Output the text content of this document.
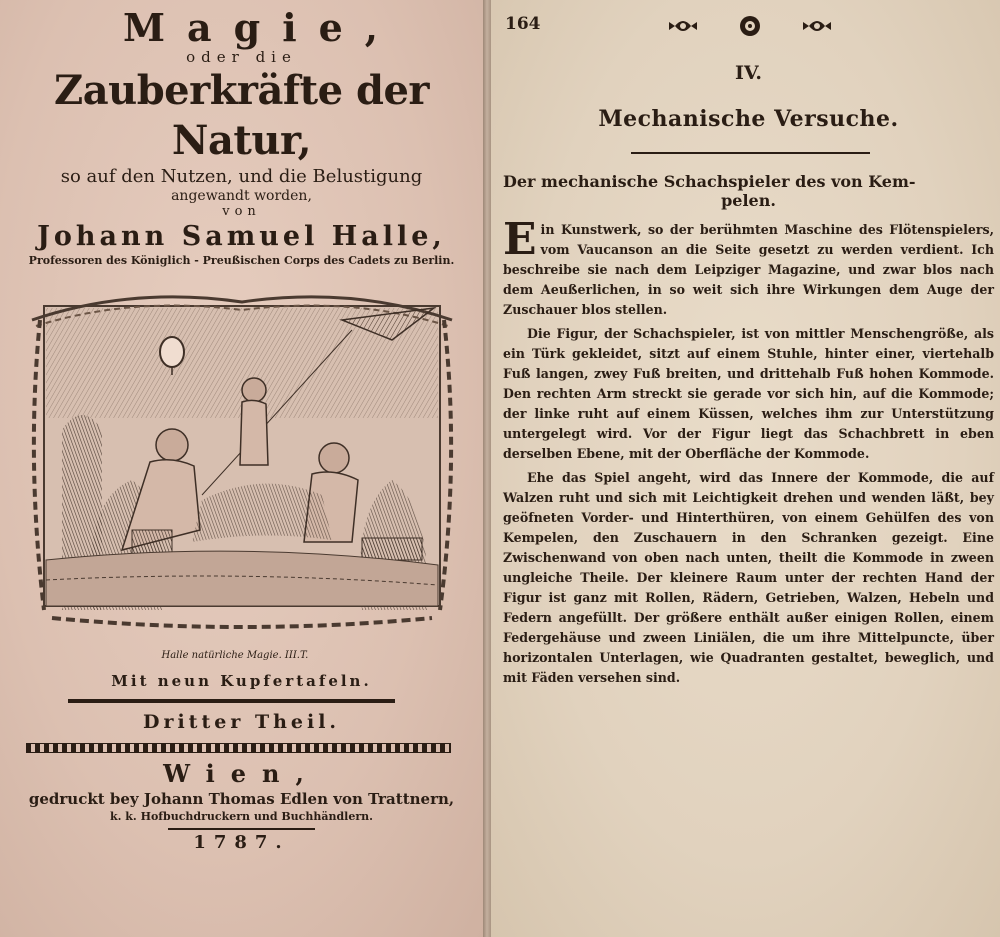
Magie,
oder die
Zauberkräfte der Natur,
so auf den Nutzen, und die Belustigung
angewandt worden,
von
Johann Samuel Halle,
Professoren des Königlich - Preußischen Corps des Cadets zu Berlin.
Halle natürliche Magie. III.T.
Mit neun Kupfertafeln.
Dritter Theil.
Wien,
gedruckt bey Johann Thomas Edlen von Trattnern,
k. k. Hofbuchdruckern und Buchhändlern.
1787.
164
IV.
Mechanische Versuche.
Der mechanische Schachspieler des von Kem-
pelen.

Ein Kunstwerk, so der berühmten Maschine des Flötenspielers, vom Vaucanson an die Seite gesetzt zu werden verdient. Ich beschreibe sie nach dem Leipziger Magazine, und zwar blos nach dem Aeußerlichen, in so weit sich ihre Wirkungen dem Auge der Zuschauer blos stellen.

Die Figur, der Schachspieler, ist von mittler Menschengröße, als ein Türk gekleidet, sitzt auf einem Stuhle, hinter einer, viertehalb Fuß langen, zwey Fuß breiten, und drittehalb Fuß hohen Kommode. Den rechten Arm streckt sie gerade vor sich hin, auf die Kommode; der linke ruht auf einem Küssen, welches ihm zur Unterstützung untergelegt wird. Vor der Figur liegt das Schachbrett in eben derselben Ebene, mit der Oberfläche der Kommode.

Ehe das Spiel angeht, wird das Innere der Kommode, die auf Walzen ruht und sich mit Leichtigkeit drehen und wenden läßt, bey geöfneten Vorder- und Hinterthüren, von einem Gehülfen des von Kempelen, den Zuschauern in den Schranken gezeigt. Eine Zwischenwand von oben nach unten, theilt die Kommode in zween ungleiche Theile. Der kleinere Raum unter der rechten Hand der Figur ist ganz mit Rollen, Rädern, Getrieben, Walzen, Hebeln und Federn angefüllt. Der größere enthält außer einigen Rollen, einem Federgehäuse und zween Liniälen, die um ihre Mittelpuncte, über horizontalen Unterlagen, wie Quadranten gestaltet, beweglich, und mit Fäden versehen sind.
